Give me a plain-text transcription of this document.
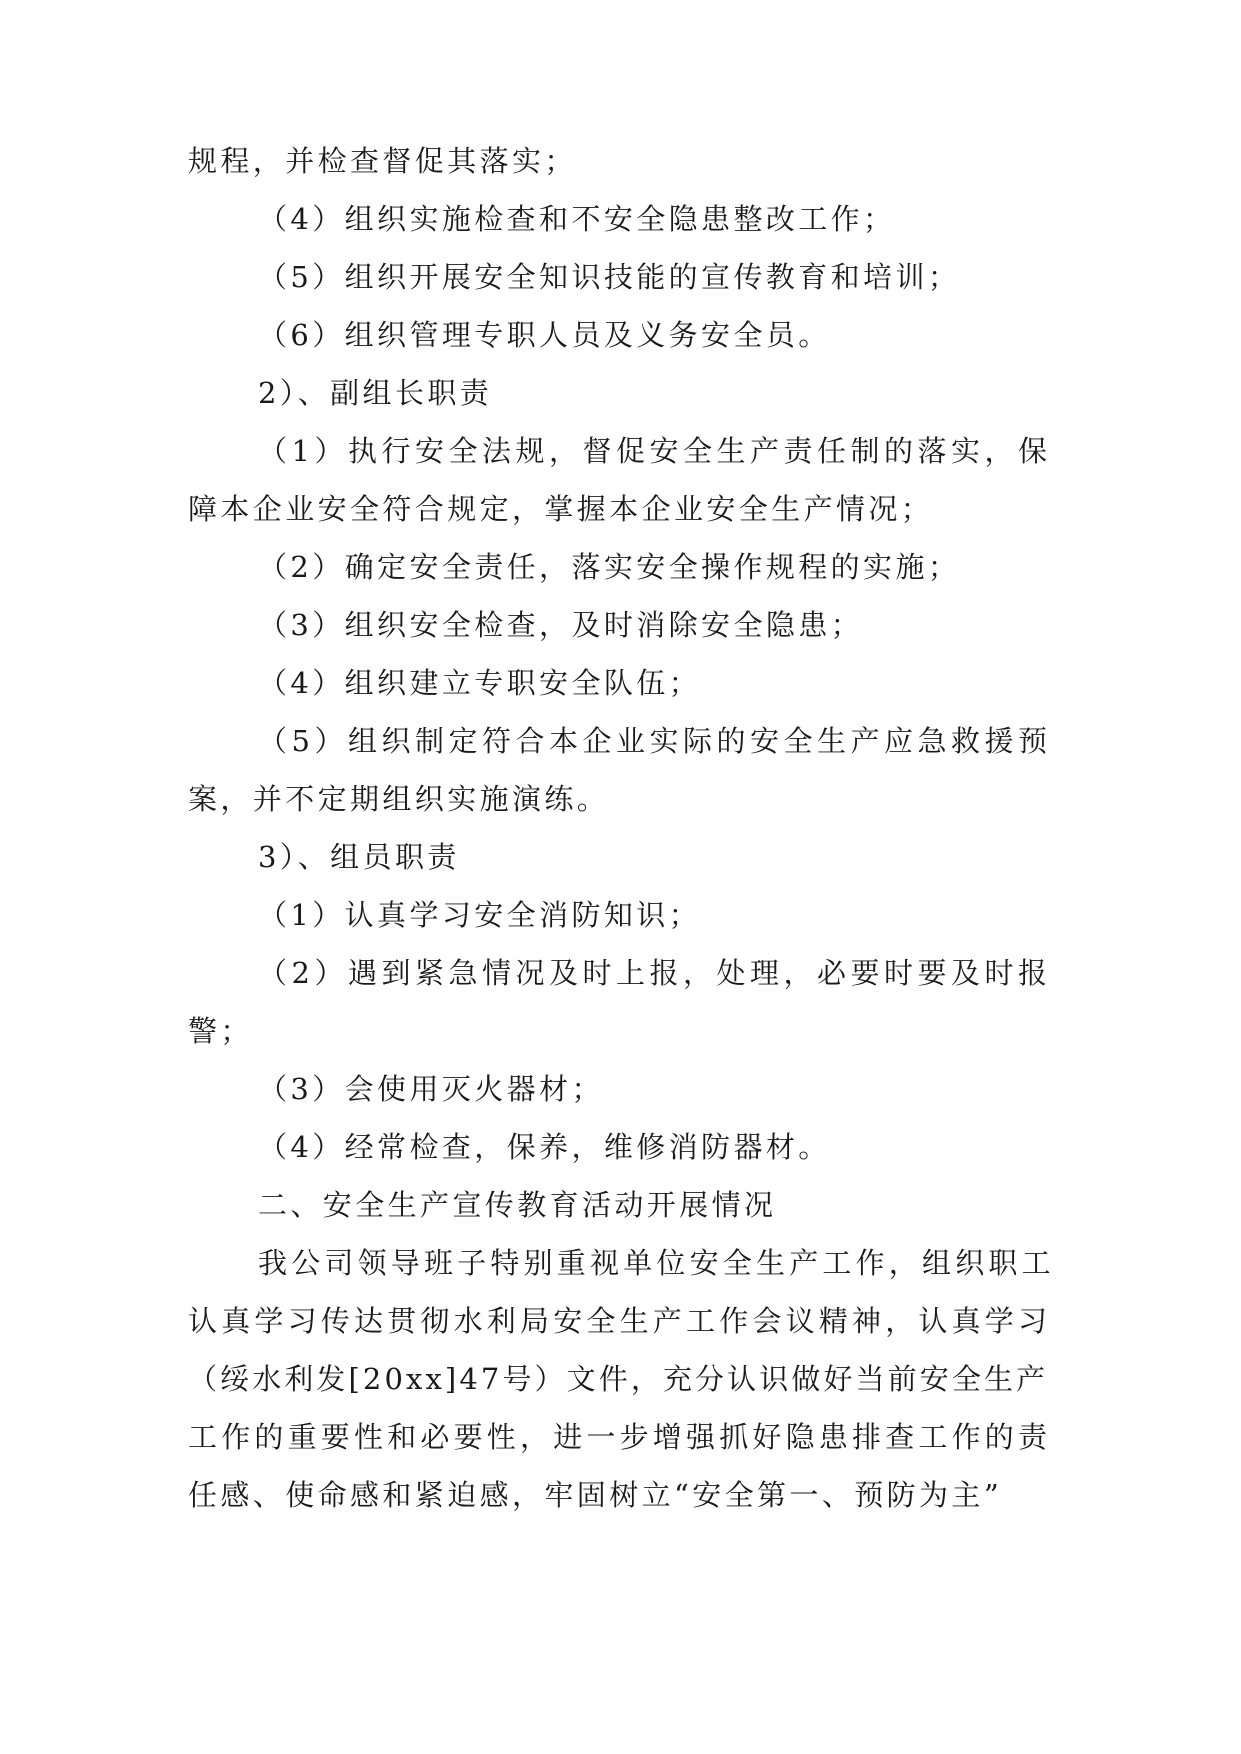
规程，并检查督促其落实；
（4）组织实施检查和不安全隐患整改工作；
（5）组织开展安全知识技能的宣传教育和培训；
（6）组织管理专职人员及义务安全员。
2）、副组长职责
（1）执行安全法规，督促安全生产责任制的落实，保
障本企业安全符合规定，掌握本企业安全生产情况；
（2）确定安全责任，落实安全操作规程的实施；
（3）组织安全检查，及时消除安全隐患；
（4）组织建立专职安全队伍；
（5）组织制定符合本企业实际的安全生产应急救援预
案，并不定期组织实施演练。
3）、组员职责
（1）认真学习安全消防知识；
（2）遇到紧急情况及时上报，处理，必要时要及时报
警；
（3）会使用灭火器材；
（4）经常检查，保养，维修消防器材。
二、安全生产宣传教育活动开展情况
我公司领导班子特别重视单位安全生产工作，组织职工
认真学习传达贯彻水利局安全生产工作会议精神，认真学习
（绥水利发[20xx]47号）文件，充分认识做好当前安全生产
工作的重要性和必要性，进一步增强抓好隐患排查工作的责
任感、使命感和紧迫感，牢固树立“安全第一、预防为主”
